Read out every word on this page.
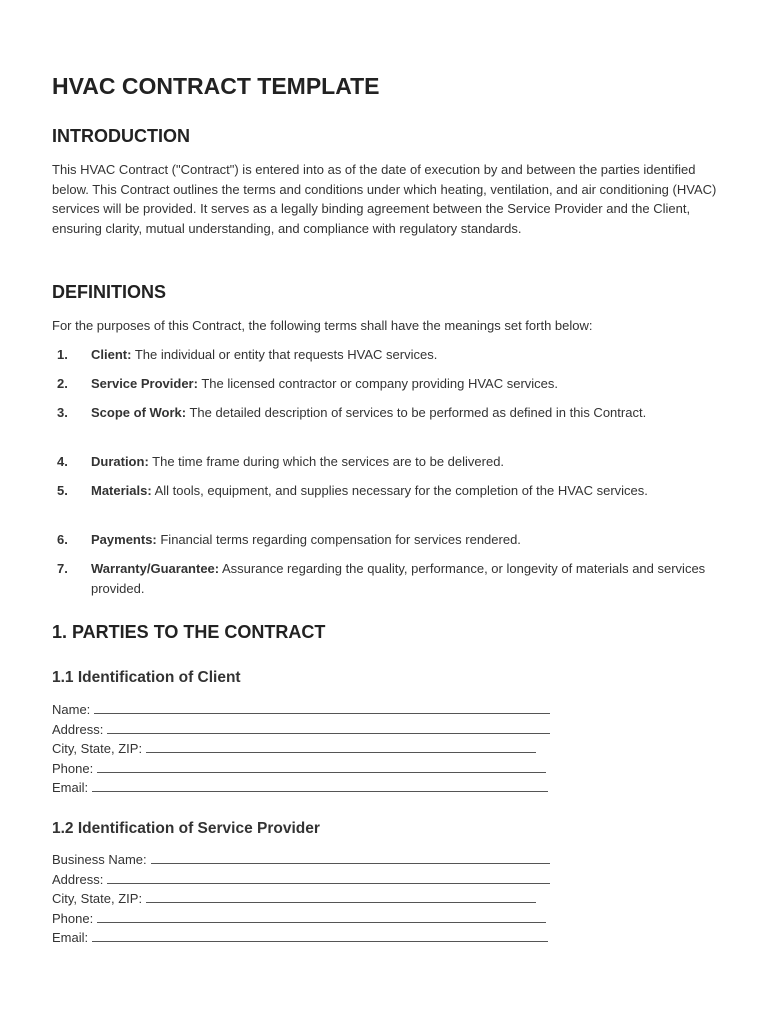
HVAC CONTRACT TEMPLATE
INTRODUCTION

This HVAC Contract ("Contract") is entered into as of the date of execution by and between the parties identified below. This Contract outlines the terms and conditions under which heating, ventilation, and air conditioning (HVAC) services will be provided. It serves as a legally binding agreement between the Service Provider and the Client, ensuring clarity, mutual understanding, and compliance with regulatory standards.

DEFINITIONS

For the purposes of this Contract, the following terms shall have the meanings set forth below:

1. Client: The individual or entity that requests HVAC services.
2. Service Provider: The licensed contractor or company providing HVAC services.
3. Scope of Work: The detailed description of services to be performed as defined in this Contract.
4. Duration: The time frame during which the services are to be delivered.
5. Materials: All tools, equipment, and supplies necessary for the completion of the HVAC services.
6. Payments: Financial terms regarding compensation for services rendered.
7. Warranty/Guarantee: Assurance regarding the quality, performance, or longevity of materials and services provided.
1. PARTIES TO THE CONTRACT
1.1 Identification of Client
Name:
Address:
City, State, ZIP:
Phone:
Email:
1.2 Identification of Service Provider
Business Name:
Address:
City, State, ZIP:
Phone:
Email:
